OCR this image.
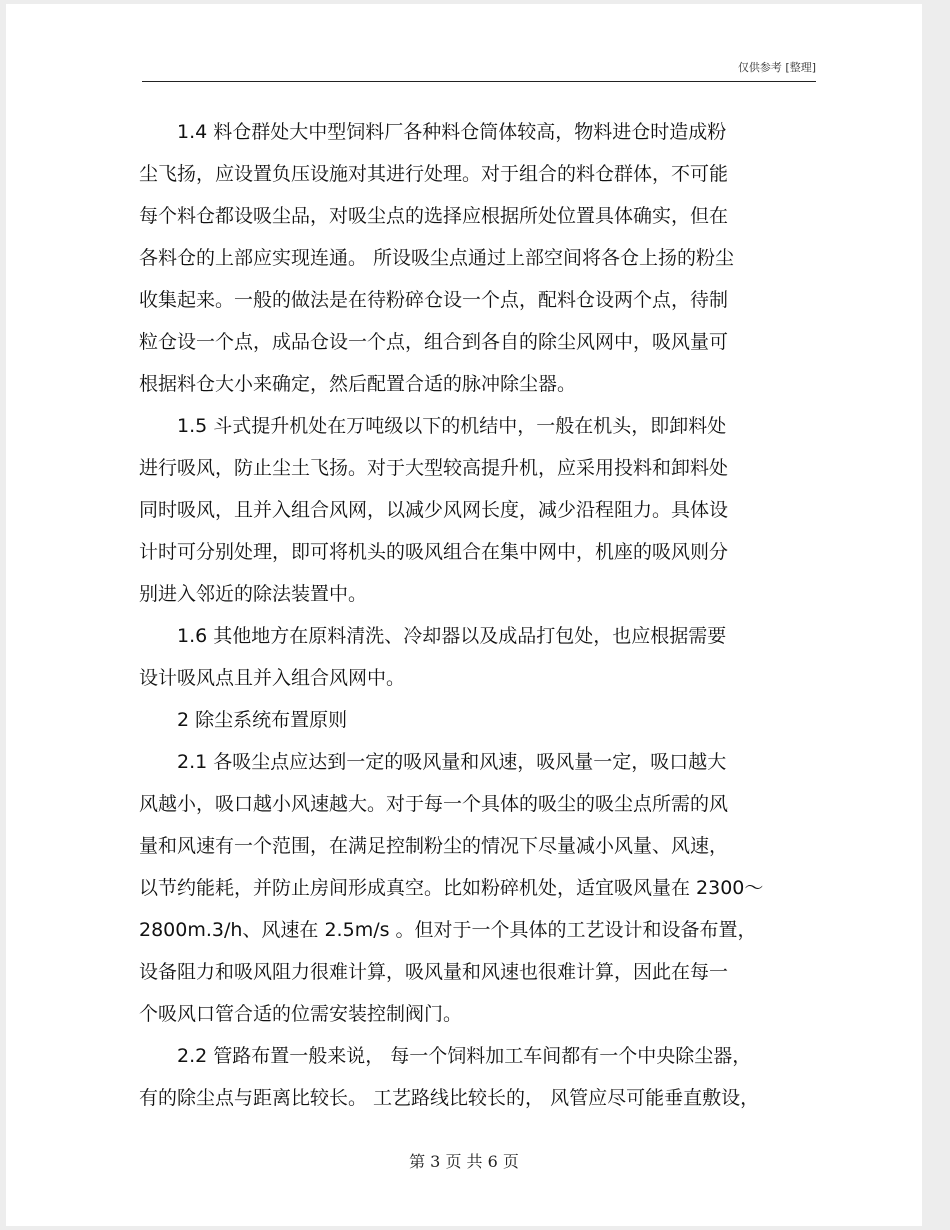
仅供参考 [整理]
　　1.4 料仓群处大中型饲料厂各种料仓筒体较高，物料进仓时造成粉
尘飞扬，应设置负压设施对其进行处理。对于组合的料仓群体，不可能
每个料仓都设吸尘品，对吸尘点的选择应根据所处位置具体确实，但在
各料仓的上部应实现连通。 所设吸尘点通过上部空间将各仓上扬的粉尘
收集起来。一般的做法是在待粉碎仓设一个点，配料仓设两个点，待制
粒仓设一个点，成品仓设一个点，组合到各自的除尘风网中，吸风量可
根据料仓大小来确定，然后配置合适的脉冲除尘器。
　　1.5 斗式提升机处在万吨级以下的机结中，一般在机头，即卸料处
进行吸风，防止尘土飞扬。对于大型较高提升机，应采用投料和卸料处
同时吸风，且并入组合风网，以减少风网长度，减少沿程阻力。具体设
计时可分别处理，即可将机头的吸风组合在集中网中，机座的吸风则分
别进入邻近的除法装置中。
　　1.6 其他地方在原料清洗、冷却器以及成品打包处，也应根据需要
设计吸风点且并入组合风网中。
　　2 除尘系统布置原则
　　2.1 各吸尘点应达到一定的吸风量和风速，吸风量一定，吸口越大
风越小，吸口越小风速越大。对于每一个具体的吸尘的吸尘点所需的风
量和风速有一个范围，在满足控制粉尘的情况下尽量减小风量、风速，
以节约能耗，并防止房间形成真空。比如粉碎机处，适宜吸风量在 2300～
2800m.3/h、风速在 2.5m/s 。但对于一个具体的工艺设计和设备布置，
设备阻力和吸风阻力很难计算，吸风量和风速也很难计算，因此在每一
个吸风口管合适的位需安装控制阀门。
　　2.2 管路布置一般来说， 每一个饲料加工车间都有一个中央除尘器，
有的除尘点与距离比较长。 工艺路线比较长的， 风管应尽可能垂直敷设，
第 3 页 共 6 页
